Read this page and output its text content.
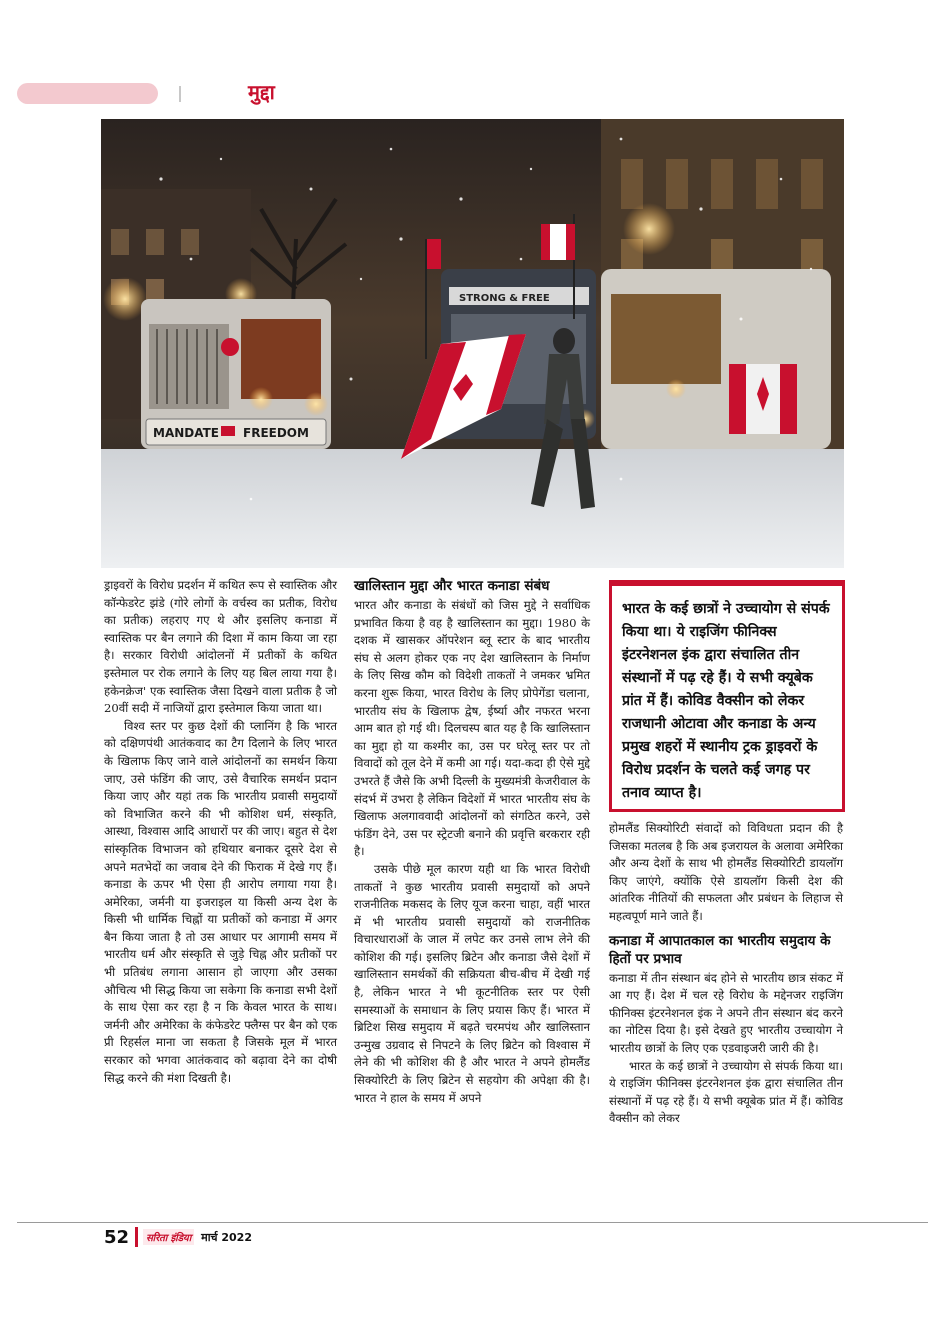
मुद्दा
MANDATE FREEDOM
STRONG & FREE

ड्राइवरों के विरोध प्रदर्शन में कथित रूप से स्वास्तिक और कॉन्फेडरेट झंडे (गोरे लोगों के वर्चस्व का प्रतीक, विरोध का प्रतीक) लहराए गए थे और इसलिए कनाडा में स्वास्तिक पर बैन लगाने की दिशा में काम किया जा रहा है। सरकार विरोधी आंदोलनों में प्रतीकों के कथित इस्तेमाल पर रोक लगाने के लिए यह बिल लाया गया है। हकेनक्रेज' एक स्वास्तिक जैसा दिखने वाला प्रतीक है जो 20वीं सदी में नाजियों द्वारा इस्तेमाल किया जाता था।

विश्व स्तर पर कुछ देशों की प्लानिंग है कि भारत को दक्षिणपंथी आतंकवाद का टैग दिलाने के लिए भारत के खिलाफ किए जाने वाले आंदोलनों का समर्थन किया जाए, उसे फंडिंग की जाए, उसे वैचारिक समर्थन प्रदान किया जाए और यहां तक कि भारतीय प्रवासी समुदायों को विभाजित करने की भी कोशिश धर्म, संस्कृति, आस्था, विश्वास आदि आधारों पर की जाए। बहुत से देश सांस्कृतिक विभाजन को हथियार बनाकर दूसरे देश से अपने मतभेदों का जवाब देने की फिराक में देखे गए हैं। कनाडा के ऊपर भी ऐसा ही आरोप लगाया गया है। अमेरिका, जर्मनी या इजराइल या किसी अन्य देश के किसी भी धार्मिक चिह्नों या प्रतीकों को कनाडा में अगर बैन किया जाता है तो उस आधार पर आगामी समय में भारतीय धर्म और संस्कृति से जुड़े चिह्न और प्रतीकों पर भी प्रतिबंध लगाना आसान हो जाएगा और उसका औचित्य भी सिद्ध किया जा सकेगा कि कनाडा सभी देशों के साथ ऐसा कर रहा है न कि केवल भारत के साथ। जर्मनी और अमेरिका के कंफेडरेट फ्लैग्स पर बैन को एक प्री रिहर्सल माना जा सकता है जिसके मूल में भारत सरकार को भगवा आतंकवाद को बढ़ावा देने का दोषी सिद्ध करने की मंशा दिखती है।

खालिस्तान मुद्दा और भारत कनाडा संबंध

भारत और कनाडा के संबंधों को जिस मुद्दे ने सर्वाधिक प्रभावित किया है वह है खालिस्तान का मुद्दा। 1980 के दशक में खासकर ऑपरेशन ब्लू स्टार के बाद भारतीय संघ से अलग होकर एक नए देश खालिस्तान के निर्माण के लिए सिख कौम को विदेशी ताकतों ने जमकर भ्रमित करना शुरू किया, भारत विरोध के लिए प्रोपेगेंडा चलाना, भारतीय संघ के खिलाफ द्वेष, ईर्ष्या और नफरत भरना आम बात हो गई थी। दिलचस्प बात यह है कि खालिस्तान का मुद्दा हो या कश्मीर का, उस पर घरेलू स्तर पर तो विवादों को तूल देने में कमी आ गई। यदा-कदा ही ऐसे मुद्दे उभरते हैं जैसे कि अभी दिल्ली के मुख्यमंत्री केजरीवाल के संदर्भ में उभरा है लेकिन विदेशों में भारत भारतीय संघ के खिलाफ अलगाववादी आंदोलनों को संगठित करने, उसे फंडिंग देने, उस पर स्ट्रेटजी बनाने की प्रवृत्ति बरकरार रही है।

उसके पीछे मूल कारण यही था कि भारत विरोधी ताकतों ने कुछ भारतीय प्रवासी समुदायों को अपने राजनीतिक मकसद के लिए यूज करना चाहा, वहीं भारत में भी भारतीय प्रवासी समुदायों को राजनीतिक विचारधाराओं के जाल में लपेट कर उनसे लाभ लेने की कोशिश की गई। इसलिए ब्रिटेन और कनाडा जैसे देशों में खालिस्तान समर्थकों की सक्रियता बीच-बीच में देखी गई है, लेकिन भारत ने भी कूटनीतिक स्तर पर ऐसी समस्याओं के समाधान के लिए प्रयास किए हैं। भारत में ब्रिटिश सिख समुदाय में बढ़ते चरमपंथ और खालिस्तान उन्मुख उग्रवाद से निपटने के लिए ब्रिटेन को विश्वास में लेने की भी कोशिश की है और भारत ने अपने होमलैंड सिक्योरिटी के लिए ब्रिटेन से सहयोग की अपेक्षा की है। भारत ने हाल के समय में अपने

भारत के कई छात्रों ने उच्चायोग से संपर्क किया था। ये राइजिंग फीनिक्स इंटरनेशनल इंक द्वारा संचालित तीन संस्थानों में पढ़ रहे हैं। ये सभी क्यूबेक प्रांत में हैं। कोविड वैक्सीन को लेकर राजधानी ओटावा और कनाडा के अन्य प्रमुख शहरों में स्थानीय ट्रक ड्राइवरों के विरोध प्रदर्शन के चलते कई जगह पर तनाव व्याप्त है।

होमलैंड सिक्योरिटी संवादों को विविधता प्रदान की है जिसका मतलब है कि अब इजरायल के अलावा अमेरिका और अन्य देशों के साथ भी होमलैंड सिक्योरिटी डायलॉग किए जाएंगे, क्योंकि ऐसे डायलॉग किसी देश की आंतरिक नीतियों की सफलता और प्रबंधन के लिहाज से महत्वपूर्ण माने जाते हैं।

कनाडा में आपातकाल का भारतीय समुदाय के हितों पर प्रभाव

कनाडा में तीन संस्थान बंद होने से भारतीय छात्र संकट में आ गए हैं। देश में चल रहे विरोध के मद्देनजर राइजिंग फीनिक्स इंटरनेशनल इंक ने अपने तीन संस्थान बंद करने का नोटिस दिया है। इसे देखते हुए भारतीय उच्चायोग ने भारतीय छात्रों के लिए एक एडवाइजरी जारी की है।

भारत के कई छात्रों ने उच्चायोग से संपर्क किया था। ये राइजिंग फीनिक्स इंटरनेशनल इंक द्वारा संचालित तीन संस्थानों में पढ़ रहे हैं। ये सभी क्यूबेक प्रांत में हैं। कोविड वैक्सीन को लेकर

52	सरिता इंडिया मार्च 2022
